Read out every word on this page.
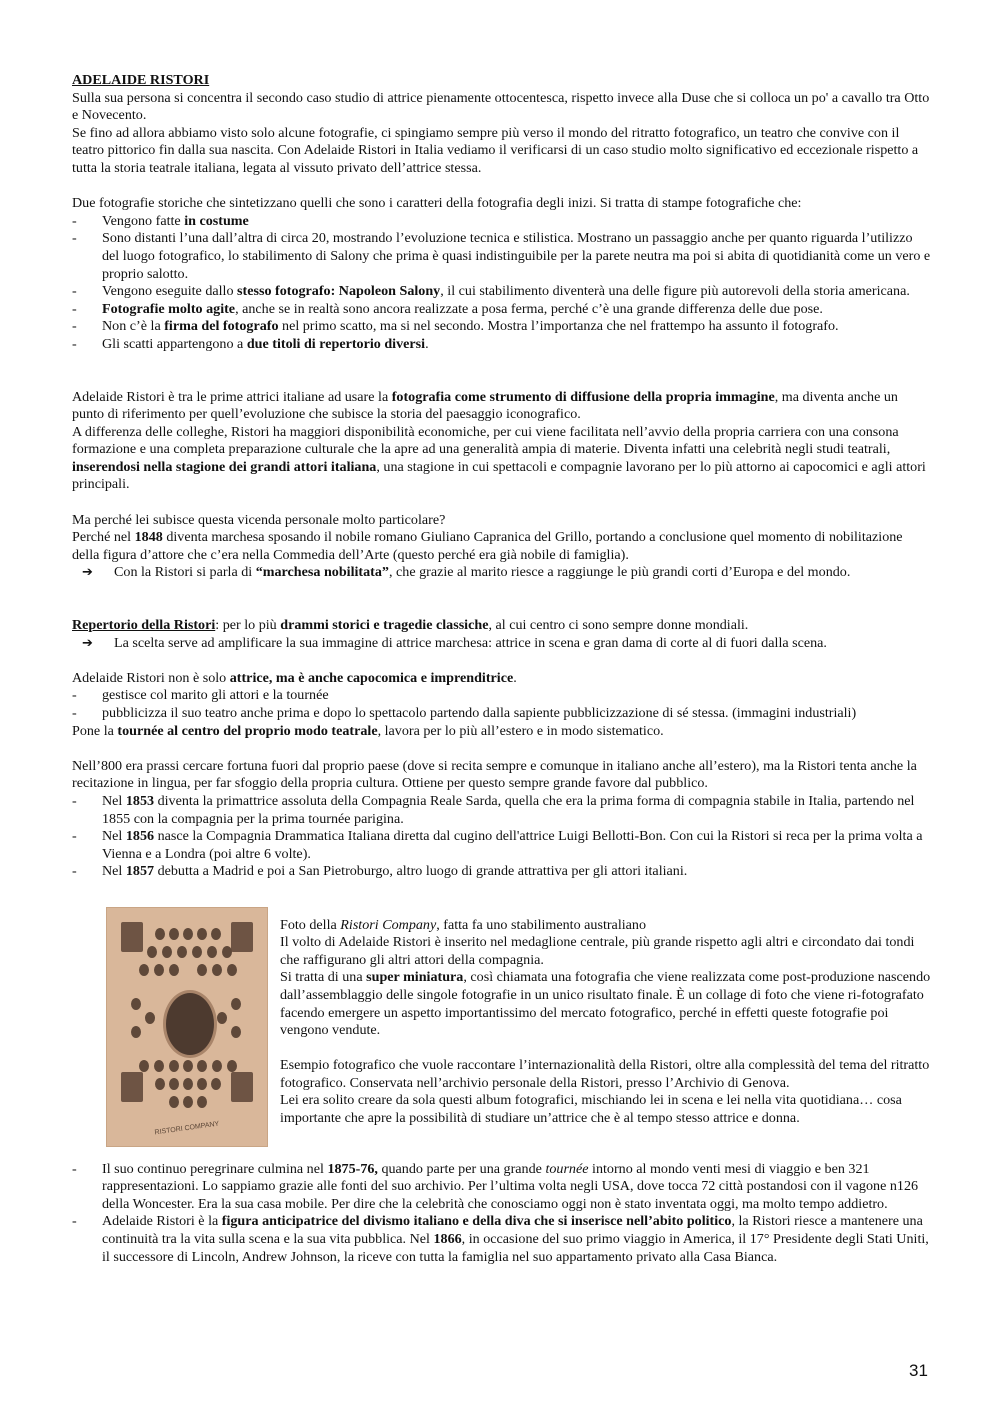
ADELAIDE RISTORI

Sulla sua persona si concentra il secondo caso studio di attrice pienamente ottocentesca, rispetto invece alla Duse che si colloca un po' a cavallo tra Otto e Novecento.

Se fino ad allora abbiamo visto solo alcune fotografie, ci spingiamo sempre più verso il mondo del ritratto fotografico, un teatro che convive con il teatro pittorico fin dalla sua nascita. Con Adelaide Ristori in Italia vediamo il verificarsi di un caso studio molto significativo ed eccezionale rispetto a tutta la storia teatrale italiana, legata al vissuto privato dell’attrice stessa.

Due fotografie storiche che sintetizzano quelli che sono i caratteri della fotografia degli inizi. Si tratta di stampe fotografiche che:

-	Vengono fatte in costume
-	Sono distanti l’una dall’altra di circa 20, mostrando l’evoluzione tecnica e stilistica. Mostrano un passaggio anche per quanto riguarda l’utilizzo del luogo fotografico, lo stabilimento di Salony che prima è quasi indistinguibile per la parete neutra ma poi si abita di quotidianità come un vero e proprio salotto.
-	Vengono eseguite dallo stesso fotografo: Napoleon Salony, il cui stabilimento diventerà una delle figure più autorevoli della storia americana.
-	Fotografie molto agite, anche se in realtà sono ancora realizzate a posa ferma, perché c’è una grande differenza delle due pose.
-	Non c’è la firma del fotografo nel primo scatto, ma si nel secondo. Mostra l’importanza che nel frattempo ha assunto il fotografo.
-	Gli scatti appartengono a due titoli di repertorio diversi.

Adelaide Ristori è tra le prime attrici italiane ad usare la fotografia come strumento di diffusione della propria immagine, ma diventa anche un punto di riferimento per quell’evoluzione che subisce la storia del paesaggio iconografico.

A differenza delle colleghe, Ristori ha maggiori disponibilità economiche, per cui viene facilitata nell’avvio della propria carriera con una consona formazione e una completa preparazione culturale che la apre ad una generalità ampia di materie. Diventa infatti una celebrità negli studi teatrali, inserendosi nella stagione dei grandi attori italiana, una stagione in cui spettacoli e compagnie lavorano per lo più attorno ai capocomici e agli attori principali.

Ma perché lei subisce questa vicenda personale molto particolare?

Perché nel 1848 diventa marchesa sposando il nobile romano Giuliano Capranica del Grillo, portando a conclusione quel momento di nobilitazione della figura d’attore che c’era nella Commedia dell’Arte (questo perché era già nobile di famiglia).

➔	Con la Ristori si parla di “marchesa nobilitata”, che grazie al marito riesce a raggiunge le più grandi corti d’Europa e del mondo.

Repertorio della Ristori: per lo più drammi storici e tragedie classiche, al cui centro ci sono sempre donne mondiali.

➔	La scelta serve ad amplificare la sua immagine di attrice marchesa: attrice in scena e gran dama di corte al di fuori dalla scena.

Adelaide Ristori non è solo attrice, ma è anche capocomica e imprenditrice.

-	gestisce col marito gli attori e la tournée
-	pubblicizza il suo teatro anche prima e dopo lo spettacolo partendo dalla sapiente pubblicizzazione di sé stessa. (immagini industriali)

Pone la tournée al centro del proprio modo teatrale, lavora per lo più all’estero e in modo sistematico.

Nell’800 era prassi cercare fortuna fuori dal proprio paese (dove si recita sempre e comunque in italiano anche all’estero), ma la Ristori tenta anche la recitazione in lingua, per far sfoggio della propria cultura. Ottiene per questo sempre grande favore dal pubblico.

-	Nel 1853 diventa la primattrice assoluta della Compagnia Reale Sarda, quella che era la prima forma di compagnia stabile in Italia, partendo nel 1855 con la compagnia per la prima tournée parigina.
-	Nel 1856 nasce la Compagnia Drammatica Italiana diretta dal cugino dell'attrice Luigi Bellotti-Bon. Con cui la Ristori si reca per la prima volta a Vienna e a Londra (poi altre 6 volte).
-	Nel 1857 debutta a Madrid e poi a San Pietroburgo, altro luogo di grande attrattiva per gli attori italiani.
RISTORI COMPANY

Foto della Ristori Company, fatta fa uno stabilimento australiano

Il volto di Adelaide Ristori è inserito nel medaglione centrale, più grande rispetto agli altri e circondato dai tondi che raffigurano gli altri attori della compagnia.

Si tratta di una super miniatura, così chiamata una fotografia che viene realizzata come post-produzione nascendo dall’assemblaggio delle singole fotografie in un unico risultato finale. È un collage di foto che viene ri-fotografato facendo emergere un aspetto importantissimo del mercato fotografico, perché in effetti queste fotografie poi vengono vendute.

Esempio fotografico che vuole raccontare l’internazionalità della Ristori, oltre alla complessità del tema del ritratto fotografico. Conservata nell’archivio personale della Ristori, presso l’Archivio di Genova.

Lei era solito creare da sola questi album fotografici, mischiando lei in scena e lei nella vita quotidiana… cosa importante che apre la possibilità di studiare un’attrice che è al tempo stesso attrice e donna.

-	Il suo continuo peregrinare culmina nel 1875-76, quando parte per una grande tournée intorno al mondo venti mesi di viaggio e ben 321 rappresentazioni. Lo sappiamo grazie alle fonti del suo archivio. Per l’ultima volta negli USA, dove tocca 72 città postandosi con il vagone n126 della Woncester. Era la sua casa mobile. Per dire che la celebrità che conosciamo oggi non è stato inventata oggi, ma molto tempo addietro.
-	Adelaide Ristori è la figura anticipatrice del divismo italiano e della diva che si inserisce nell’abito politico, la Ristori riesce a mantenere una continuità tra la vita sulla scena e la sua vita pubblica. Nel 1866, in occasione del suo primo viaggio in America, il 17° Presidente degli Stati Uniti, il successore di Lincoln, Andrew Johnson, la riceve con tutta la famiglia nel suo appartamento privato alla Casa Bianca.
31
